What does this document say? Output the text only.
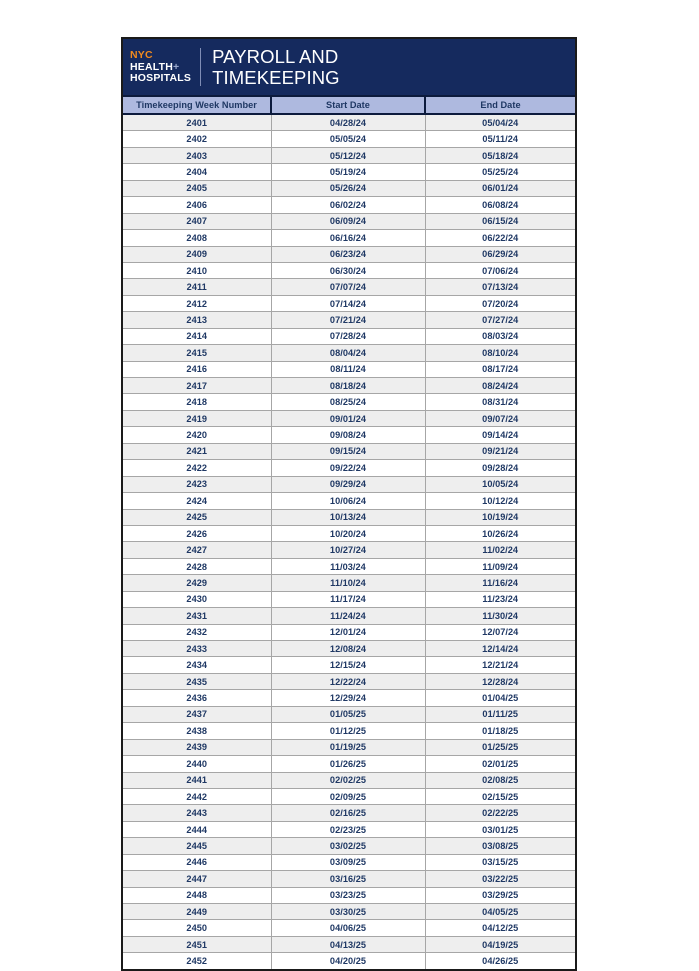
NYC
HEALTH+
HOSPITALS
PAYROLL AND
TIMEKEEPING
Timekeeping Week Number	Start Date	End Date
2401	04/28/24	05/04/24
2402	05/05/24	05/11/24
2403	05/12/24	05/18/24
2404	05/19/24	05/25/24
2405	05/26/24	06/01/24
2406	06/02/24	06/08/24
2407	06/09/24	06/15/24
2408	06/16/24	06/22/24
2409	06/23/24	06/29/24
2410	06/30/24	07/06/24
2411	07/07/24	07/13/24
2412	07/14/24	07/20/24
2413	07/21/24	07/27/24
2414	07/28/24	08/03/24
2415	08/04/24	08/10/24
2416	08/11/24	08/17/24
2417	08/18/24	08/24/24
2418	08/25/24	08/31/24
2419	09/01/24	09/07/24
2420	09/08/24	09/14/24
2421	09/15/24	09/21/24
2422	09/22/24	09/28/24
2423	09/29/24	10/05/24
2424	10/06/24	10/12/24
2425	10/13/24	10/19/24
2426	10/20/24	10/26/24
2427	10/27/24	11/02/24
2428	11/03/24	11/09/24
2429	11/10/24	11/16/24
2430	11/17/24	11/23/24
2431	11/24/24	11/30/24
2432	12/01/24	12/07/24
2433	12/08/24	12/14/24
2434	12/15/24	12/21/24
2435	12/22/24	12/28/24
2436	12/29/24	01/04/25
2437	01/05/25	01/11/25
2438	01/12/25	01/18/25
2439	01/19/25	01/25/25
2440	01/26/25	02/01/25
2441	02/02/25	02/08/25
2442	02/09/25	02/15/25
2443	02/16/25	02/22/25
2444	02/23/25	03/01/25
2445	03/02/25	03/08/25
2446	03/09/25	03/15/25
2447	03/16/25	03/22/25
2448	03/23/25	03/29/25
2449	03/30/25	04/05/25
2450	04/06/25	04/12/25
2451	04/13/25	04/19/25
2452	04/20/25	04/26/25
